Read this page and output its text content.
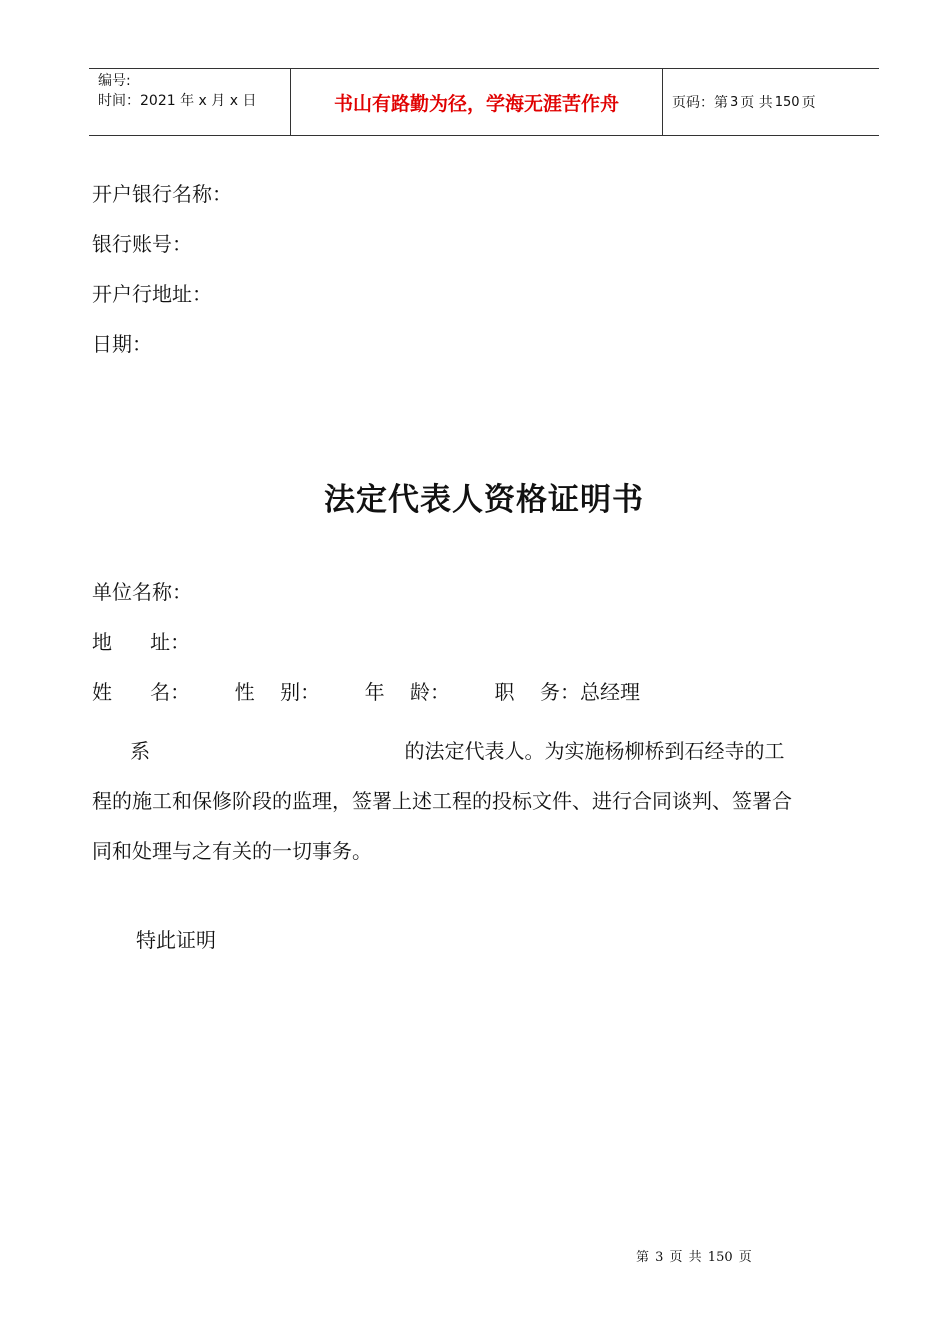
编号:
时间：2021 年 x 月 x 日	书山有路勤为径，学海无涯苦作舟	页码：第 3 页 共 150 页
开户银行名称：
银行账号：
开户行地址：
日期：
法定代表人资格证明书
单位名称：
地      址：
姓      名：       性    别：       年    龄：       职    务：总经理
系                                        的法定代表人。为实施杨柳桥到石经寺的工
程的施工和保修阶段的监理，签署上述工程的投标文件、进行合同谈判、签署合
同和处理与之有关的一切事务。
特此证明
第 3 页 共 150 页
